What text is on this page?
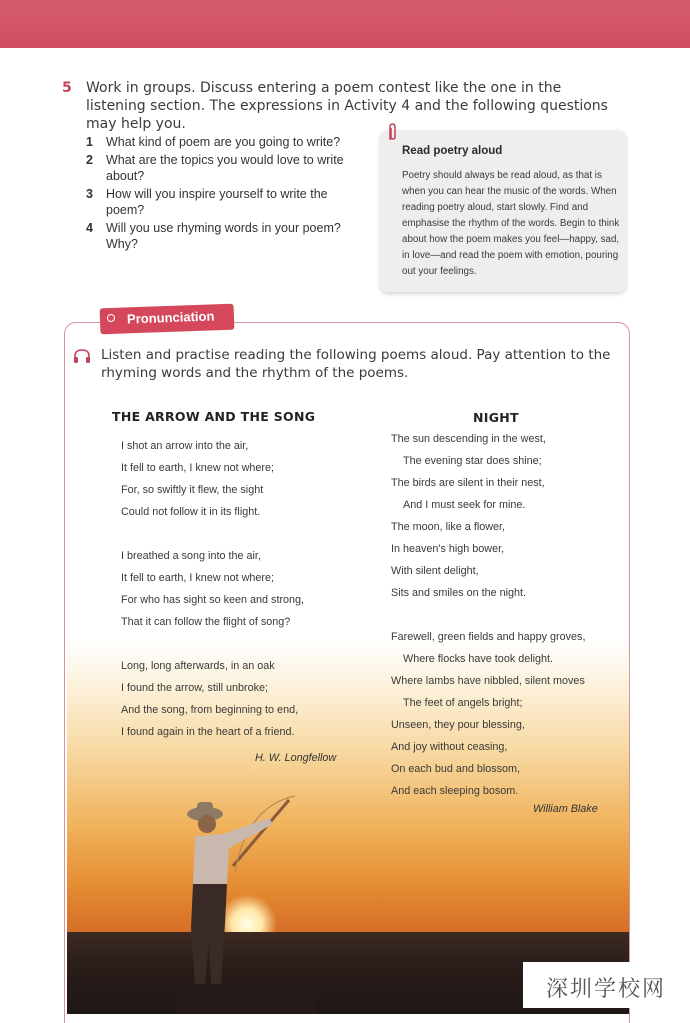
5 Work in groups. Discuss entering a poem contest like the one in the listening section. The expressions in Activity 4 and the following questions may help you.
1 What kind of poem are you going to write?
2 What are the topics you would love to write about?
3 How will you inspire yourself to write the poem?
4 Will you use rhyming words in your poem? Why?
Read poetry aloud
Poetry should always be read aloud, as that is when you can hear the music of the words. When reading poetry aloud, start slowly. Find and emphasise the rhythm of the words. Begin to think about how the poem makes you feel—happy, sad, in love—and read the poem with emotion, pouring out your feelings.
Pronunciation
Listen and practise reading the following poems aloud. Pay attention to the rhyming words and the rhythm of the poems.
THE ARROW AND THE SONG
I shot an arrow into the air,
It fell to earth, I knew not where;
For, so swiftly it flew, the sight
Could not follow it in its flight.
I breathed a song into the air,
It fell to earth, I knew not where;
For who has sight so keen and strong,
That it can follow the flight of song?
Long, long afterwards, in an oak
I found the arrow, still unbroke;
And the song, from beginning to end,
I found again in the heart of a friend.
H. W. Longfellow
NIGHT
The sun descending in the west,
The evening star does shine;
The birds are silent in their nest,
And I must seek for mine.
The moon, like a flower,
In heaven's high bower,
With silent delight,
Sits and smiles on the night.
Farewell, green fields and happy groves,
Where flocks have took delight.
Where lambs have nibbled, silent moves
The feet of angels bright;
Unseen, they pour blessing,
And joy without ceasing,
On each bud and blossom,
And each sleeping bosom.
William Blake
深圳学校网
